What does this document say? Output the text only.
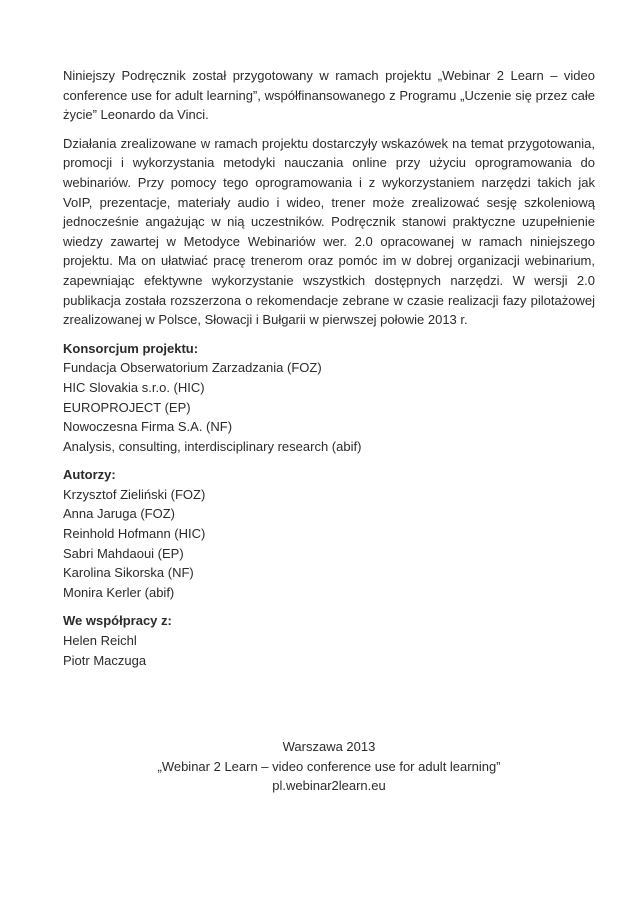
Niniejszy Podręcznik został przygotowany w ramach projektu „Webinar 2 Learn – video conference use for adult learning”, współfinansowanego z Programu „Uczenie się przez całe życie” Leonardo da Vinci.

Działania zrealizowane w ramach projektu dostarczyły wskazówek na temat przygotowania, promocji i wykorzystania metodyki nauczania online przy użyciu oprogramowania do webinariów. Przy pomocy tego oprogramowania i z wykorzystaniem narzędzi takich jak VoIP, prezentacje, materiały audio i wideo, trener może zrealizować sesję szkoleniową jednocześnie angażując w nią uczestników. Podręcznik stanowi praktyczne uzupełnienie wiedzy zawartej w Metodyce Webinariów wer. 2.0 opracowanej w ramach niniejszego projektu. Ma on ułatwiać pracę trenerom oraz pomóc im w dobrej organizacji webinarium, zapewniając efektywne wykorzystanie wszystkich dostępnych narzędzi. W wersji 2.0 publikacja została rozszerzona o rekomendacje zebrane w czasie realizacji fazy pilotażowej zrealizowanej w Polsce, Słowacji i Bułgarii w pierwszej połowie 2013 r.

Konsorcjum projektu:
Fundacja Obserwatorium Zarzadzania (FOZ)
HIC Slovakia s.r.o. (HIC)
EUROPROJECT (EP)
Nowoczesna Firma S.A. (NF)
Analysis, consulting, interdisciplinary research (abif)
Autorzy:
Krzysztof Zieliński (FOZ)
Anna Jaruga (FOZ)
Reinhold Hofmann (HIC)
Sabri Mahdaoui (EP)
Karolina Sikorska (NF)
Monira Kerler (abif)
We współpracy z:
Helen Reichl
Piotr Maczuga
Warszawa 2013
„Webinar 2 Learn – video conference use for adult learning”
pl.webinar2learn.eu
